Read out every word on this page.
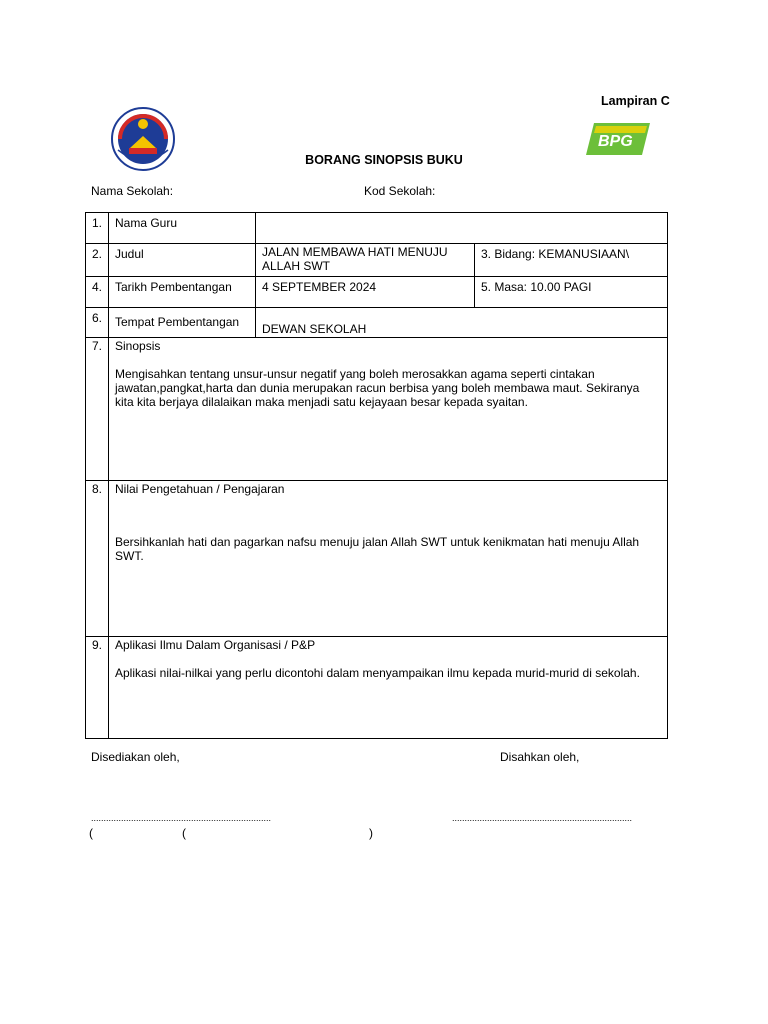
Lampiran C
BPG
BORANG SINOPSIS BUKU
Nama Sekolah:	Kod Sekolah:
1.	Nama Guru		
2.	Judul	JALAN MEMBAWA HATI MENUJU ALLAH SWT	3. Bidang: KEMANUSIAAN\
4.	Tarikh Pembentangan	4 SEPTEMBER 2024	5. Masa: 10.00 PAGI
6.	Tempat Pembentangan	DEWAN SEKOLAH	
7.	Sinopsis
Mengisahkan tentang unsur-unsur negatif yang boleh merosakkan agama seperti cintakan jawatan,pangkat,harta dan dunia merupakan racun berbisa yang boleh membawa maut. Sekiranya kita kita berjaya dilalaikan maka menjadi satu kejayaan besar kepada syaitan.		

8.	Nilai Pengetahuan / Pengajaran
Bersihkanlah hati dan pagarkan nafsu menuju jalan Allah SWT untuk kenikmatan hati menuju Allah SWT.		

9.	Aplikasi Ilmu Dalam Organisasi / P&P
Aplikasi nilai-nilkai yang perlu dicontohi dalam menyampaikan ilmu kepada murid-murid di sekolah.		
Disediakan oleh,	Disahkan oleh,
........................................................................	........................................................................
(	(	)
